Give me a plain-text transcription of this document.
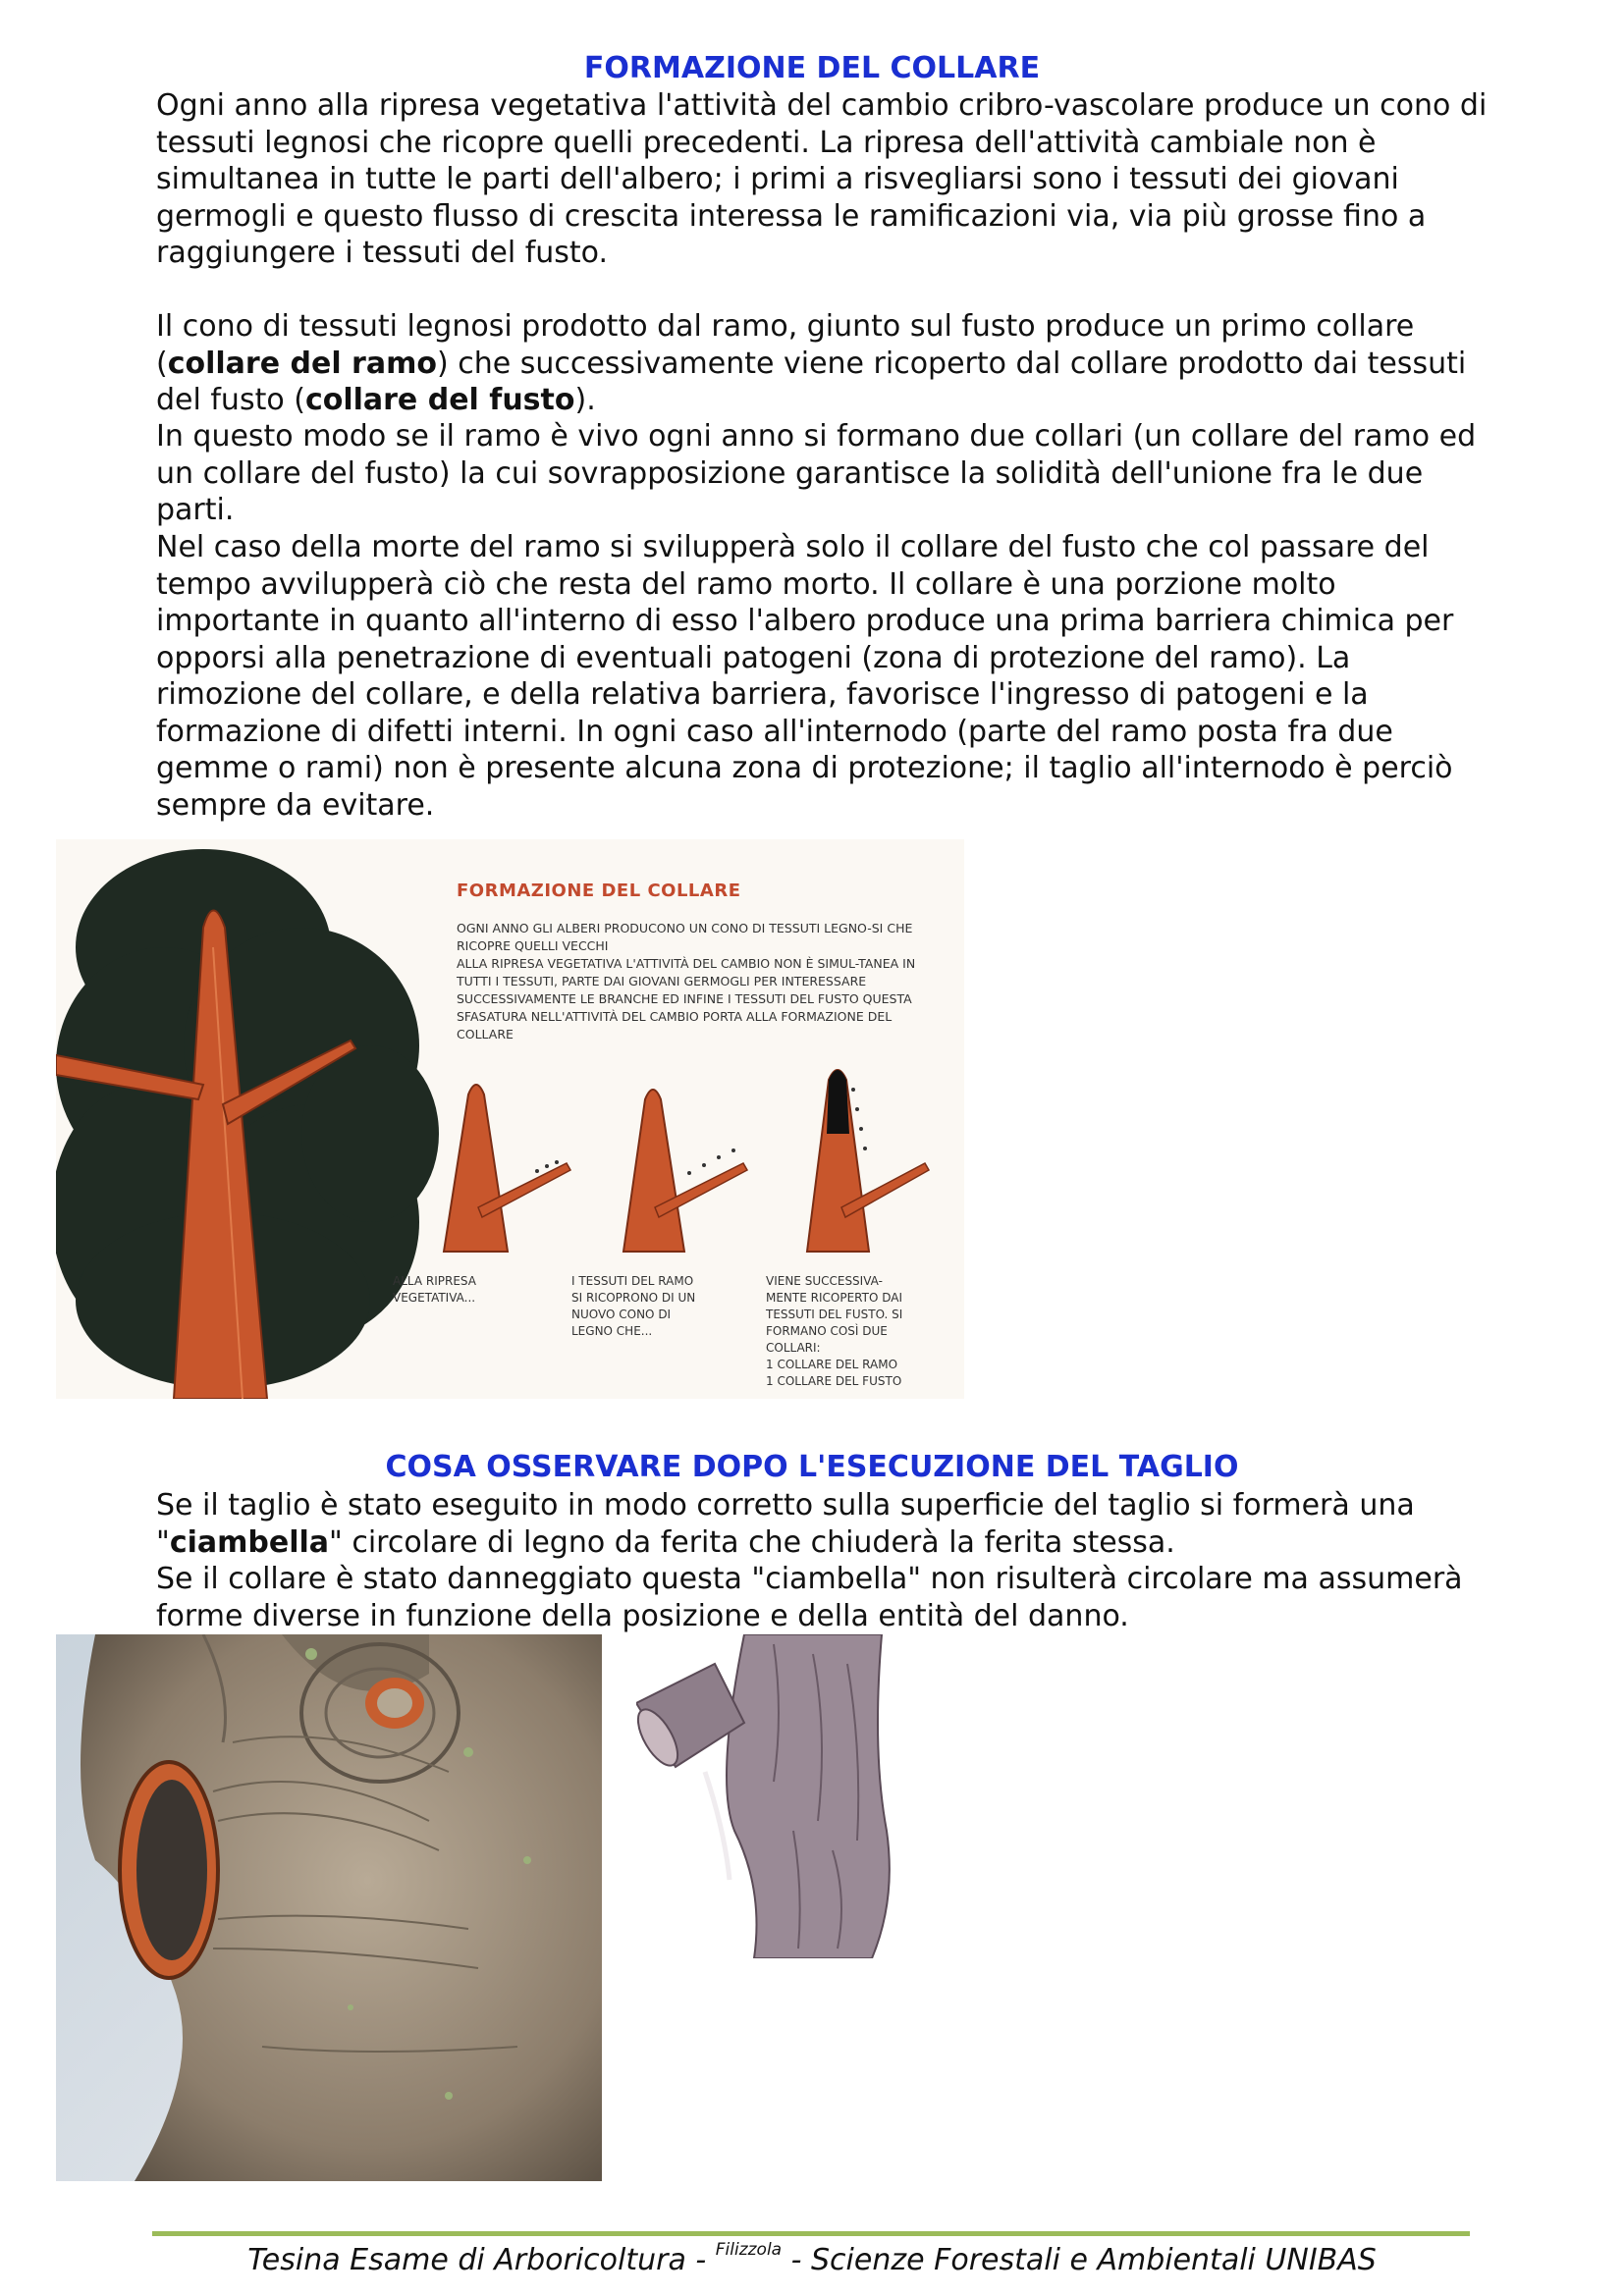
FORMAZIONE DEL COLLARE

Ogni anno alla ripresa vegetativa l'attività del cambio cribro-vascolare produce un cono di tessuti legnosi che ricopre quelli precedenti. La ripresa dell'attività cambiale non è simultanea in tutte le parti dell'albero; i primi a risvegliarsi sono i tessuti dei giovani germogli e questo flusso di crescita interessa le ramificazioni via, via più grosse fino a raggiungere i tessuti del fusto.

Il cono di tessuti legnosi prodotto dal ramo, giunto sul fusto produce un primo collare (collare del ramo) che successivamente viene ricoperto dal collare prodotto dai tessuti del fusto (collare del fusto).

In questo modo se il ramo è vivo ogni anno si formano due collari (un collare del ramo ed un collare del fusto) la cui sovrapposizione garantisce la solidità dell'unione fra le due parti.

Nel caso della morte del ramo si svilupperà solo il collare del fusto che col passare del tempo avvilupperà ciò che resta del ramo morto. Il collare è una porzione molto importante in quanto all'interno di esso l'albero produce una prima barriera chimica per opporsi alla penetrazione di eventuali patogeni (zona di protezione del ramo). La rimozione del collare, e della relativa barriera, favorisce l'ingresso di patogeni e la formazione di difetti interni. In ogni caso all'internodo (parte del ramo posta fra due gemme o rami) non è presente alcuna zona di protezione; il taglio all'internodo è perciò sempre da evitare.

FORMAZIONE DEL COLLARE
OGNI ANNO GLI ALBERI PRODUCONO UN CONO DI TESSUTI LEGNO-SI CHE RICOPRE QUELLI VECCHI
ALLA RIPRESA VEGETATIVA L'ATTIVITÀ DEL CAMBIO NON È SIMUL-TANEA IN TUTTI I TESSUTI, PARTE DAI GIOVANI GERMOGLI PER INTERESSARE SUCCESSIVAMENTE LE BRANCHE ED INFINE I TESSUTI DEL FUSTO QUESTA SFASATURA NELL'ATTIVITÀ DEL CAMBIO PORTA ALLA FORMAZIONE DEL COLLARE
ALLA RIPRESA
VEGETATIVA...
I TESSUTI DEL RAMO
SI RICOPRONO DI UN
NUOVO CONO DI
LEGNO CHE...
VIENE SUCCESSIVA-
MENTE RICOPERTO DAI
TESSUTI DEL FUSTO. SI
FORMANO COSÌ DUE
COLLARI:
1 COLLARE DEL RAMO
1 COLLARE DEL FUSTO
COSA OSSERVARE DOPO L'ESECUZIONE DEL TAGLIO

Se il taglio è stato eseguito in modo corretto sulla superficie del taglio si formerà una "ciambella" circolare di legno da ferita che chiuderà la ferita stessa.

Se il collare è stato danneggiato questa "ciambella" non risulterà circolare ma assumerà forme diverse in funzione della posizione e della entità del danno.

Tesina Esame di Arboricoltura - $^{Filizzola}$ - Scienze Forestali e Ambientali UNIBAS
